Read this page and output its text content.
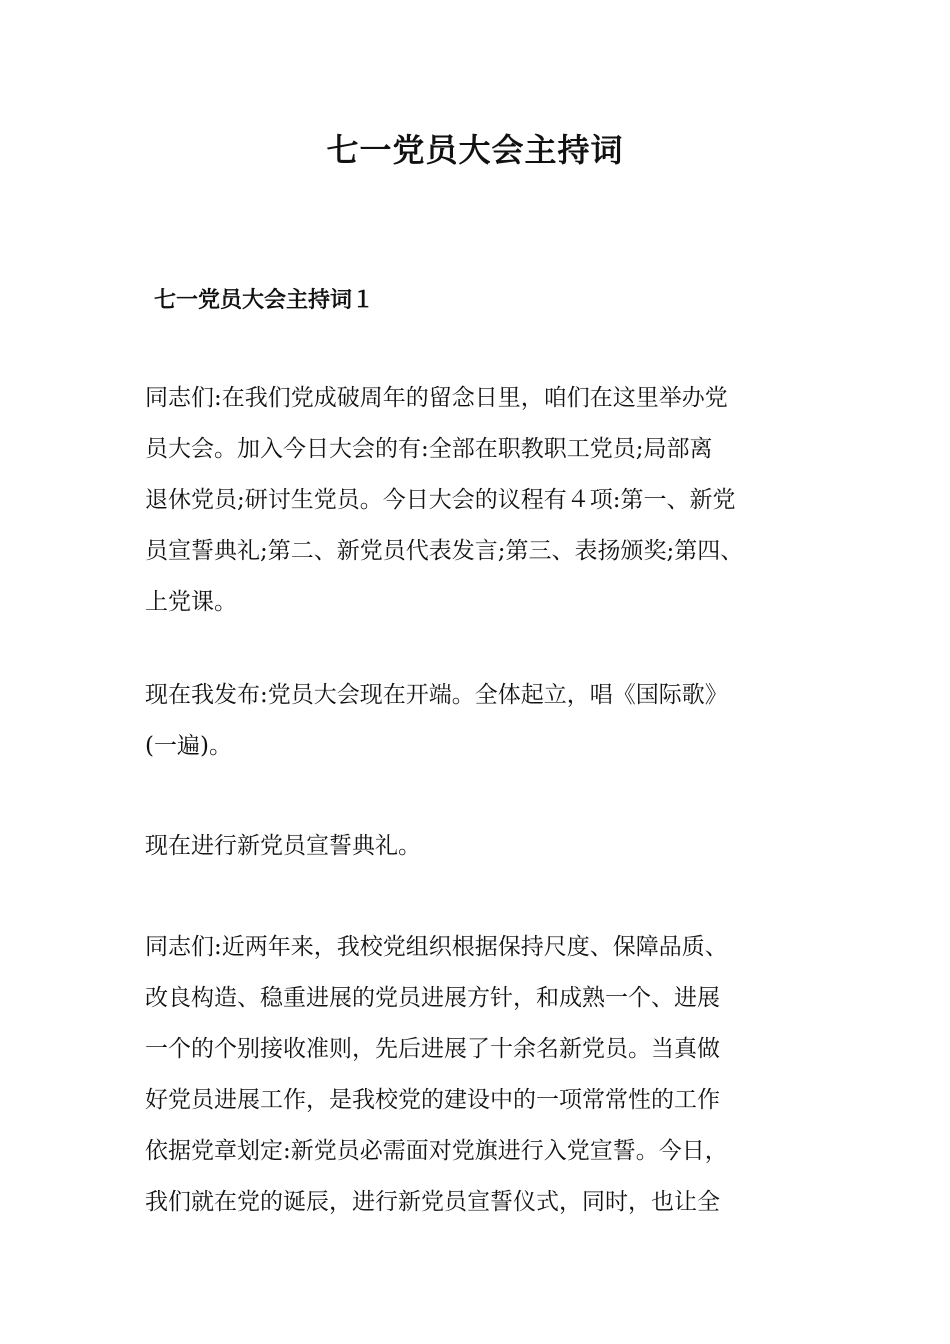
七一党员大会主持词
七一党员大会主持词１
同志们:在我们党成破周年的留念日里，咱们在这里举办党
员大会。加入今日大会的有:全部在职教职工党员;局部离
退休党员;研讨生党员。今日大会的议程有４项:第一、新党
员宣誓典礼;第二、新党员代表发言;第三、表扬颁奖;第四、
上党课。
现在我发布:党员大会现在开端。全体起立，唱《国际歌》
(一遍)。
现在进行新党员宣誓典礼。
同志们:近两年来，我校党组织根据保持尺度、保障品质、
改良构造、稳重进展的党员进展方针，和成熟一个、进展
一个的个别接收准则，先后进展了十余名新党员。当真做
好党员进展工作，是我校党的建设中的一项常常性的工作
依据党章划定:新党员必需面对党旗进行入党宣誓。今日，
我们就在党的诞辰，进行新党员宣誓仪式，同时，也让全
